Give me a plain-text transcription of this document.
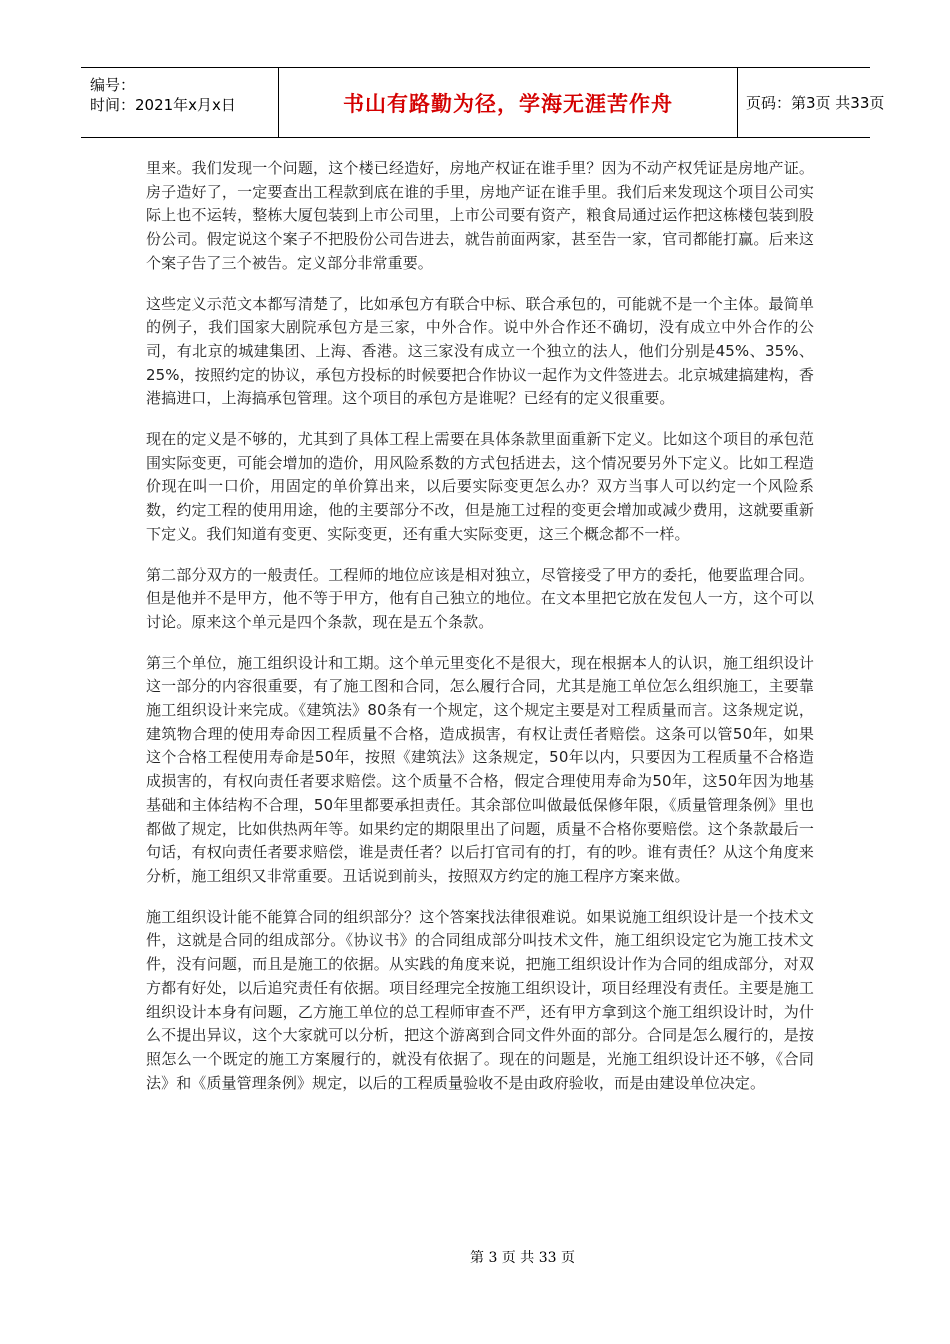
编号：
时间：2021年x月x日	书山有路勤为径，学海无涯苦作舟	页码：第3页 共33页

里来。我们发现一个问题，这个楼已经造好，房地产权证在谁手里？因为不动产权凭证是房地产证。房子造好了，一定要查出工程款到底在谁的手里，房地产证在谁手里。我们后来发现这个项目公司实际上也不运转，整栋大厦包装到上市公司里，上市公司要有资产，粮食局通过运作把这栋楼包装到股份公司。假定说这个案子不把股份公司告进去，就告前面两家，甚至告一家，官司都能打赢。后来这个案子告了三个被告。定义部分非常重要。

这些定义示范文本都写清楚了，比如承包方有联合中标、联合承包的，可能就不是一个主体。最简单的例子，我们国家大剧院承包方是三家，中外合作。说中外合作还不确切，没有成立中外合作的公司，有北京的城建集团、上海、香港。这三家没有成立一个独立的法人，他们分别是45%、35%、25%，按照约定的协议，承包方投标的时候要把合作协议一起作为文件签进去。北京城建搞建构，香港搞进口，上海搞承包管理。这个项目的承包方是谁呢？已经有的定义很重要。

现在的定义是不够的，尤其到了具体工程上需要在具体条款里面重新下定义。比如这个项目的承包范围实际变更，可能会增加的造价，用风险系数的方式包括进去，这个情况要另外下定义。比如工程造价现在叫一口价，用固定的单价算出来，以后要实际变更怎么办？双方当事人可以约定一个风险系数，约定工程的使用用途，他的主要部分不改，但是施工过程的变更会增加或减少费用，这就要重新下定义。我们知道有变更、实际变更，还有重大实际变更，这三个概念都不一样。

第二部分双方的一般责任。工程师的地位应该是相对独立，尽管接受了甲方的委托，他要监理合同。但是他并不是甲方，他不等于甲方，他有自己独立的地位。在文本里把它放在发包人一方，这个可以讨论。原来这个单元是四个条款，现在是五个条款。

第三个单位，施工组织设计和工期。这个单元里变化不是很大，现在根据本人的认识，施工组织设计这一部分的内容很重要，有了施工图和合同，怎么履行合同，尤其是施工单位怎么组织施工，主要靠施工组织设计来完成。《建筑法》80条有一个规定，这个规定主要是对工程质量而言。这条规定说，建筑物合理的使用寿命因工程质量不合格，造成损害，有权让责任者赔偿。这条可以管50年，如果这个合格工程使用寿命是50年，按照《建筑法》这条规定，50年以内，只要因为工程质量不合格造成损害的，有权向责任者要求赔偿。这个质量不合格，假定合理使用寿命为50年，这50年因为地基基础和主体结构不合理，50年里都要承担责任。其余部位叫做最低保修年限，《质量管理条例》里也都做了规定，比如供热两年等。如果约定的期限里出了问题，质量不合格你要赔偿。这个条款最后一句话，有权向责任者要求赔偿，谁是责任者？以后打官司有的打，有的吵。谁有责任？从这个角度来分析，施工组织又非常重要。丑话说到前头，按照双方约定的施工程序方案来做。

施工组织设计能不能算合同的组织部分？这个答案找法律很难说。如果说施工组织设计是一个技术文件，这就是合同的组成部分。《协议书》的合同组成部分叫技术文件，施工组织设定它为施工技术文件，没有问题，而且是施工的依据。从实践的角度来说，把施工组织设计作为合同的组成部分，对双方都有好处，以后追究责任有依据。项目经理完全按施工组织设计，项目经理没有责任。主要是施工组织设计本身有问题，乙方施工单位的总工程师审查不严，还有甲方拿到这个施工组织设计时，为什么不提出异议，这个大家就可以分析，把这个游离到合同文件外面的部分。合同是怎么履行的，是按照怎么一个既定的施工方案履行的，就没有依据了。现在的问题是，光施工组织设计还不够，《合同法》和《质量管理条例》规定，以后的工程质量验收不是由政府验收，而是由建设单位决定。

第 3 页 共 33 页
